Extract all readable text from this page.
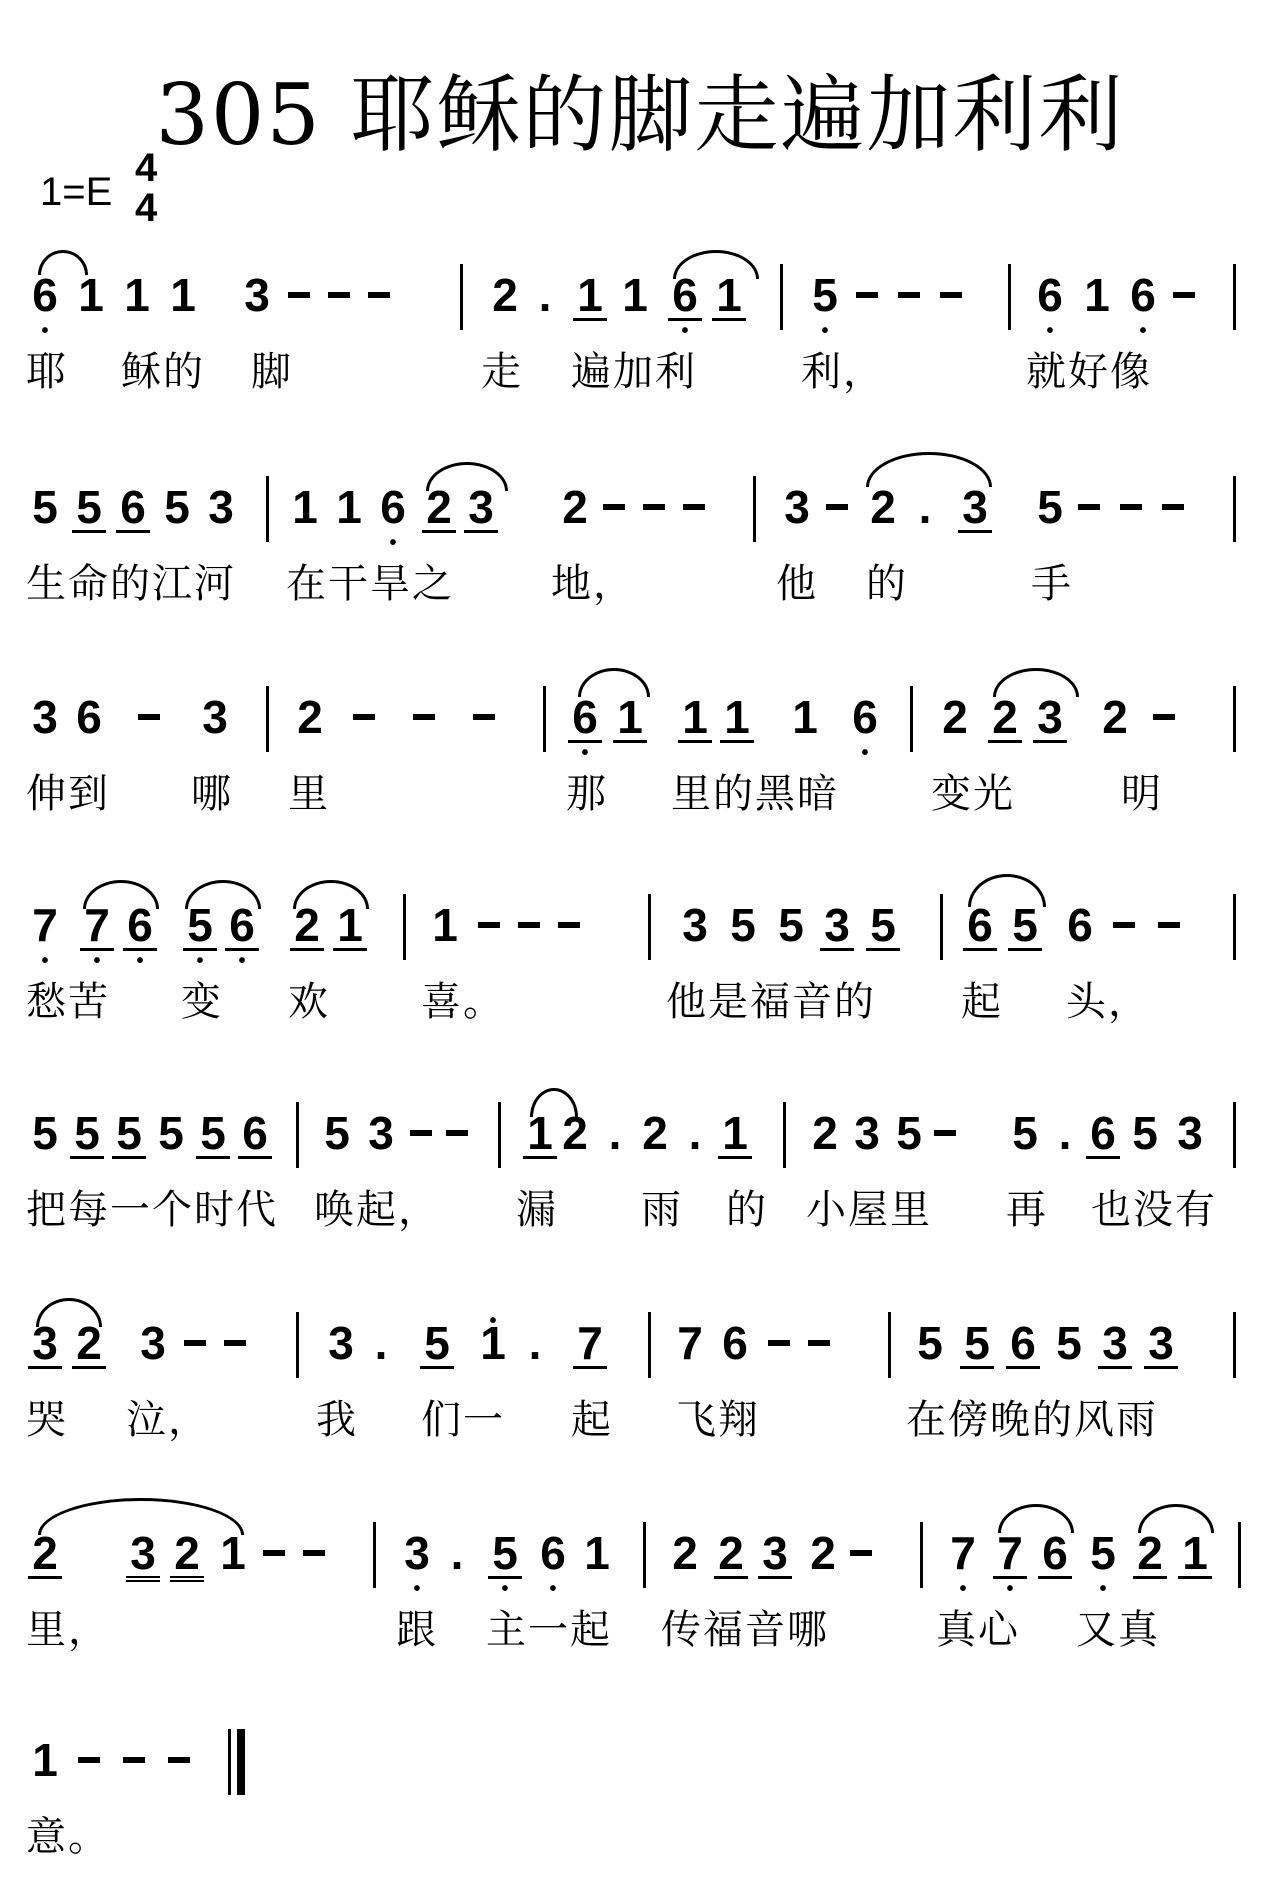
305 耶稣的脚走遍加利利
1=E
4
4
6 • 1 1 1 3	2 . 1 1 6 • 1 5 •	6 • 1 6 •
耶 稣的 脚	走 遍加利	利，	就好像
5 5 6 5 3 1 1 6 • 2 3 2	3 2 . 3 5
生命的江河 在干旱之 地，	他 的	手
3 6 3 2	6 • 1 1 1 1 6 • 2 2 3 2
伸到 哪 里	那 里的黑暗 变光	明
7 • 7 • 6 • 5 • 6 • 2 1 1	3 5 5 3 5 6 5 6
愁苦 变 欢 喜。	他是福音的 起 头，
5 5 5 5 5 6 5 3	1 2 . 2 . 1 2 3 5 5 . 6 5 3
把每一个时代 唤起， 漏 雨 的 小屋里 再 也没有
3 2 3	3 . 5
• 1 . 7 7 6	5 5 6 5 3 3
哭 泣，	我 们一 起 飞翔	在傍晚的风雨
2 3 2 1	3 • . 5 • 6 • 1 2 2 3 2 7 • 7 • 6 5 • 2 1
里，	跟 主一起 传福音哪	真心 又真
1
意。
